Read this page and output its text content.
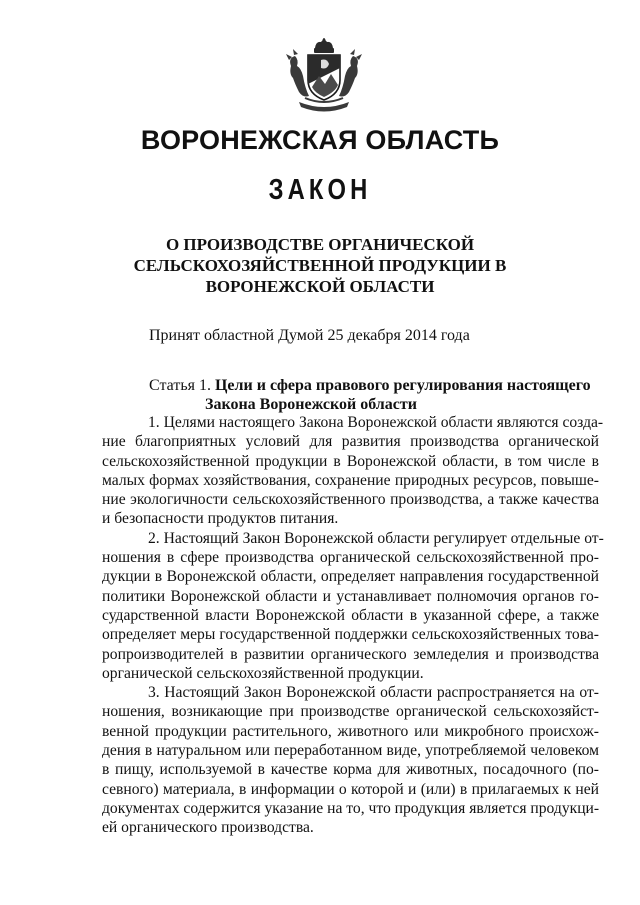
ВОРОНЕЖСКАЯ ОБЛАСТЬ
ЗАКОН
О ПРОИЗВОДСТВЕ ОРГАНИЧЕСКОЙ
СЕЛЬСКОХОЗЯЙСТВЕННОЙ ПРОДУКЦИИ В
ВОРОНЕЖСКОЙ ОБЛАСТИ
Принят областной Думой 25 декабря 2014 года
Статья 1. Цели и сфера правового регулирования настоящего
Закона Воронежской области
1. Целями настоящего Закона Воронежской области являются созда-
ние благоприятных условий для развития производства органической
сельскохозяйственной продукции в Воронежской области, в том числе в
малых формах хозяйствования, сохранение природных ресурсов, повыше-
ние экологичности сельскохозяйственного производства, а также качества
и безопасности продуктов питания.
2. Настоящий Закон Воронежской области регулирует отдельные от-
ношения в сфере производства органической сельскохозяйственной про-
дукции в Воронежской области, определяет направления государственной
политики Воронежской области и устанавливает полномочия органов го-
сударственной власти Воронежской области в указанной сфере, а также
определяет меры государственной поддержки сельскохозяйственных това-
ропроизводителей в развитии органического земледелия и производства
органической сельскохозяйственной продукции.
3. Настоящий Закон Воронежской области распространяется на от-
ношения, возникающие при производстве органической сельскохозяйст-
венной продукции растительного, животного или микробного происхож-
дения в натуральном или переработанном виде, употребляемой человеком
в пищу, используемой в качестве корма для животных, посадочного (по-
севного) материала, в информации о которой и (или) в прилагаемых к ней
документах содержится указание на то, что продукция является продукци-
ей органического производства.
